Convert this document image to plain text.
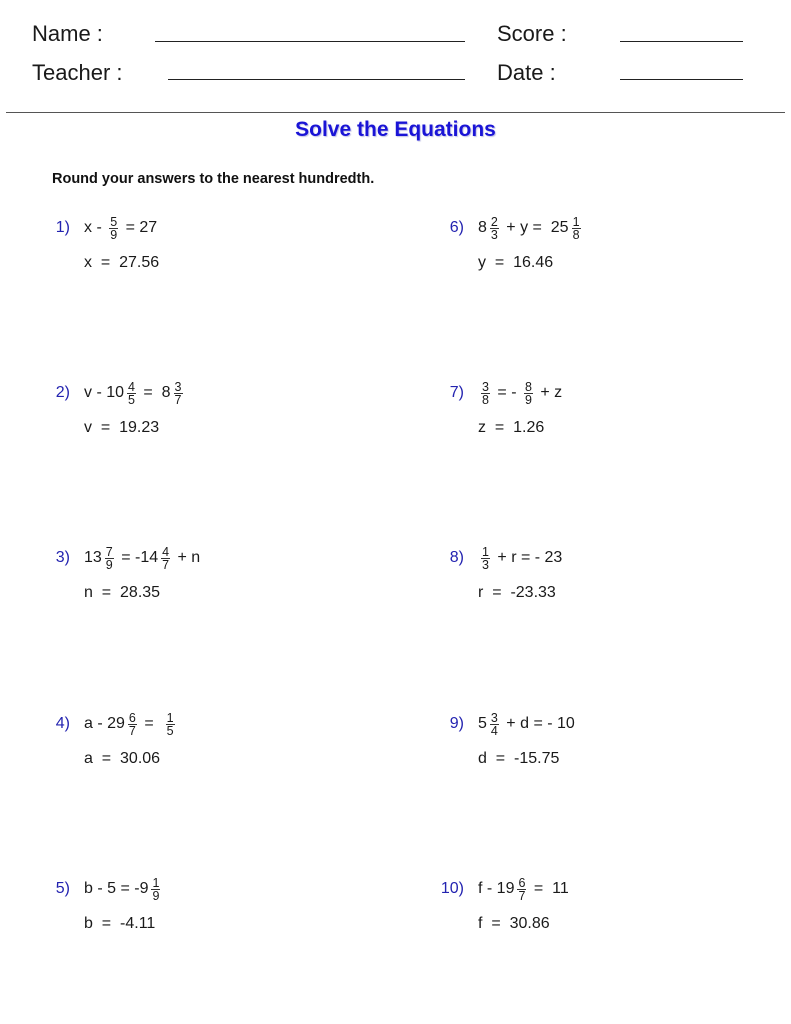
Name :
Teacher :
Score :
Date :
Solve the Equations
Round your answers to the nearest hundredth.
1) $x - \frac{5}{9} = 27$
x  =  27.56
2) $v - 10 \frac{4}{5} = 8 \frac{3}{7}$
v  =  19.23
3) $13 \frac{7}{9} = -14 \frac{4}{7} + n$
n  =  28.35
4) $a - 29 \frac{6}{7} = \frac{1}{5}$
a  =  30.06
5) $b - 5 = -9 \frac{1}{9}$
b  =  -4.11
6) $8 \frac{2}{3} + y = 25 \frac{1}{8}$
y  =  16.46
$7) \frac{3}{8}$ = - $\frac{8}{9} + z$
z  =  1.26
$8) \frac{1}{3} + r$ = - 23
r  =  -23.33
9) $5 \frac{3}{4} + d$ = - 10
d  =  -15.75
10) $f - 19 \frac{6}{7} = 11$
f  =  30.86
